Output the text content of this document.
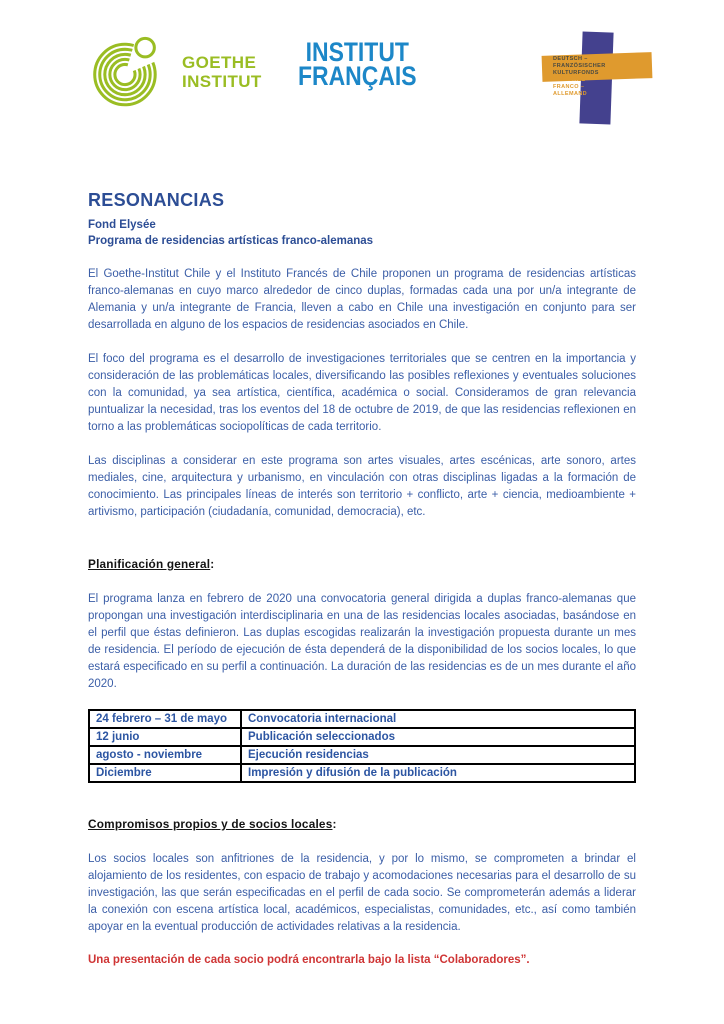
GOETHE
INSTITUT
INSTITUT
FRANÇAIS
DEUTSCH –
FRANZÖSISCHER
KULTURFONDS
CULTUREL
FRANCO –
ALLEMAND
RESONANCIAS

Fond Elysée

Programa de residencias artísticas franco-alemanas

El Goethe-Institut Chile y el Instituto Francés de Chile proponen un programa de residencias artísticas franco-alemanas en cuyo marco alrededor de cinco duplas, formadas cada una por un/a integrante de Alemania y un/a integrante de Francia, lleven a cabo en Chile una investigación en conjunto para ser desarrollada en alguno de los espacios de residencias asociados en Chile.

El foco del programa es el desarrollo de investigaciones territoriales que se centren en la importancia y consideración de las problemáticas locales, diversificando las posibles reflexiones y eventuales soluciones con la comunidad, ya sea artística, científica, académica o social. Consideramos de gran relevancia puntualizar la necesidad, tras los eventos del 18 de octubre de 2019, de que las residencias reflexionen en torno a las problemáticas sociopolíticas de cada territorio.

Las disciplinas a considerar en este programa son artes visuales, artes escénicas, arte sonoro, artes mediales, cine, arquitectura y urbanismo, en vinculación con otras disciplinas ligadas a la formación de conocimiento. Las principales líneas de interés son territorio + conflicto, arte + ciencia, medioambiente + artivismo, participación (ciudadanía, comunidad, democracia), etc.

Planificación general:

El programa lanza en febrero de 2020 una convocatoria general dirigida a duplas franco-alemanas que propongan una investigación interdisciplinaria en una de las residencias locales asociadas, basándose en el perfil que éstas definieron. Las duplas escogidas realizarán la investigación propuesta durante un mes de residencia. El período de ejecución de ésta dependerá de la disponibilidad de los socios locales, lo que estará especificado en su perfil a continuación. La duración de las residencias es de un mes durante el año 2020.

24 febrero – 31 de mayo	Convocatoria internacional
12 junio	Publicación seleccionados
agosto - noviembre	Ejecución residencias
Diciembre	Impresión y difusión de la publicación
Compromisos propios y de socios locales:

Los socios locales son anfitriones de la residencia, y por lo mismo, se comprometen a brindar el alojamiento de los residentes, con espacio de trabajo y acomodaciones necesarias para el desarrollo de su investigación, las que serán especificadas en el perfil de cada socio. Se comprometerán además a liderar la conexión con escena artística local, académicos, especialistas, comunidades, etc., así como también apoyar en la eventual producción de actividades relativas a la residencia.

Una presentación de cada socio podrá encontrarla bajo la lista “Colaboradores”.
